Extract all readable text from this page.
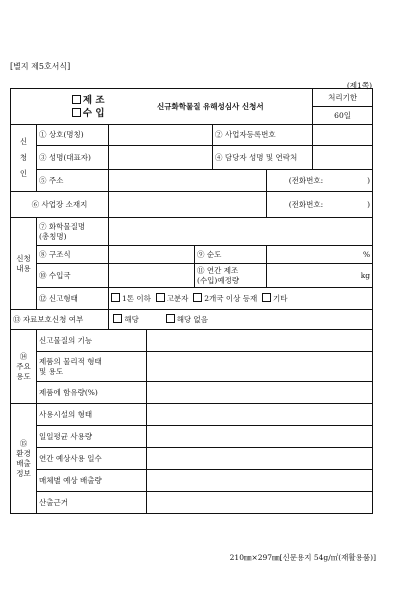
[별지 제5호서식]
(제1쪽)
제 조
수 입		신규화학물질 유해성심사 신청서					처리기한
							60일
신
청
인	① 상호(명칭)				② 사업자등록번호		
	③ 성명(대표자)				④ 담당자 성명 및 연락처		
	⑤ 주소					(전화번호: )	
⑥ 사업장 소재지						(전화번호: )	
신청
내용	⑦ 화학물질명
(총칭명)						
	⑧ 구조식			⑨ 순도		%	
	⑩ 수입국			⑪ 연간 제조
(수입)예정량		kg	
	⑫ 신고형태	1톤 이하 고분자 2개국 이상 등재 기타					
⑬ 자료보호신청 여부		해당 해당 없음					
⑭
주요
용도	신고물질의 기능						
	제품의 물리적 형태
및 용도						
	제품에 함유량(%)						
⑮
환경
배출
정보	사용시설의 형태						
	일일평균 사용량						
	연간 예상사용 일수						
	매체별 예상 배출량						
	산출근거						
210㎜×297㎜[신문용지 54g/㎡(재활용품)]
